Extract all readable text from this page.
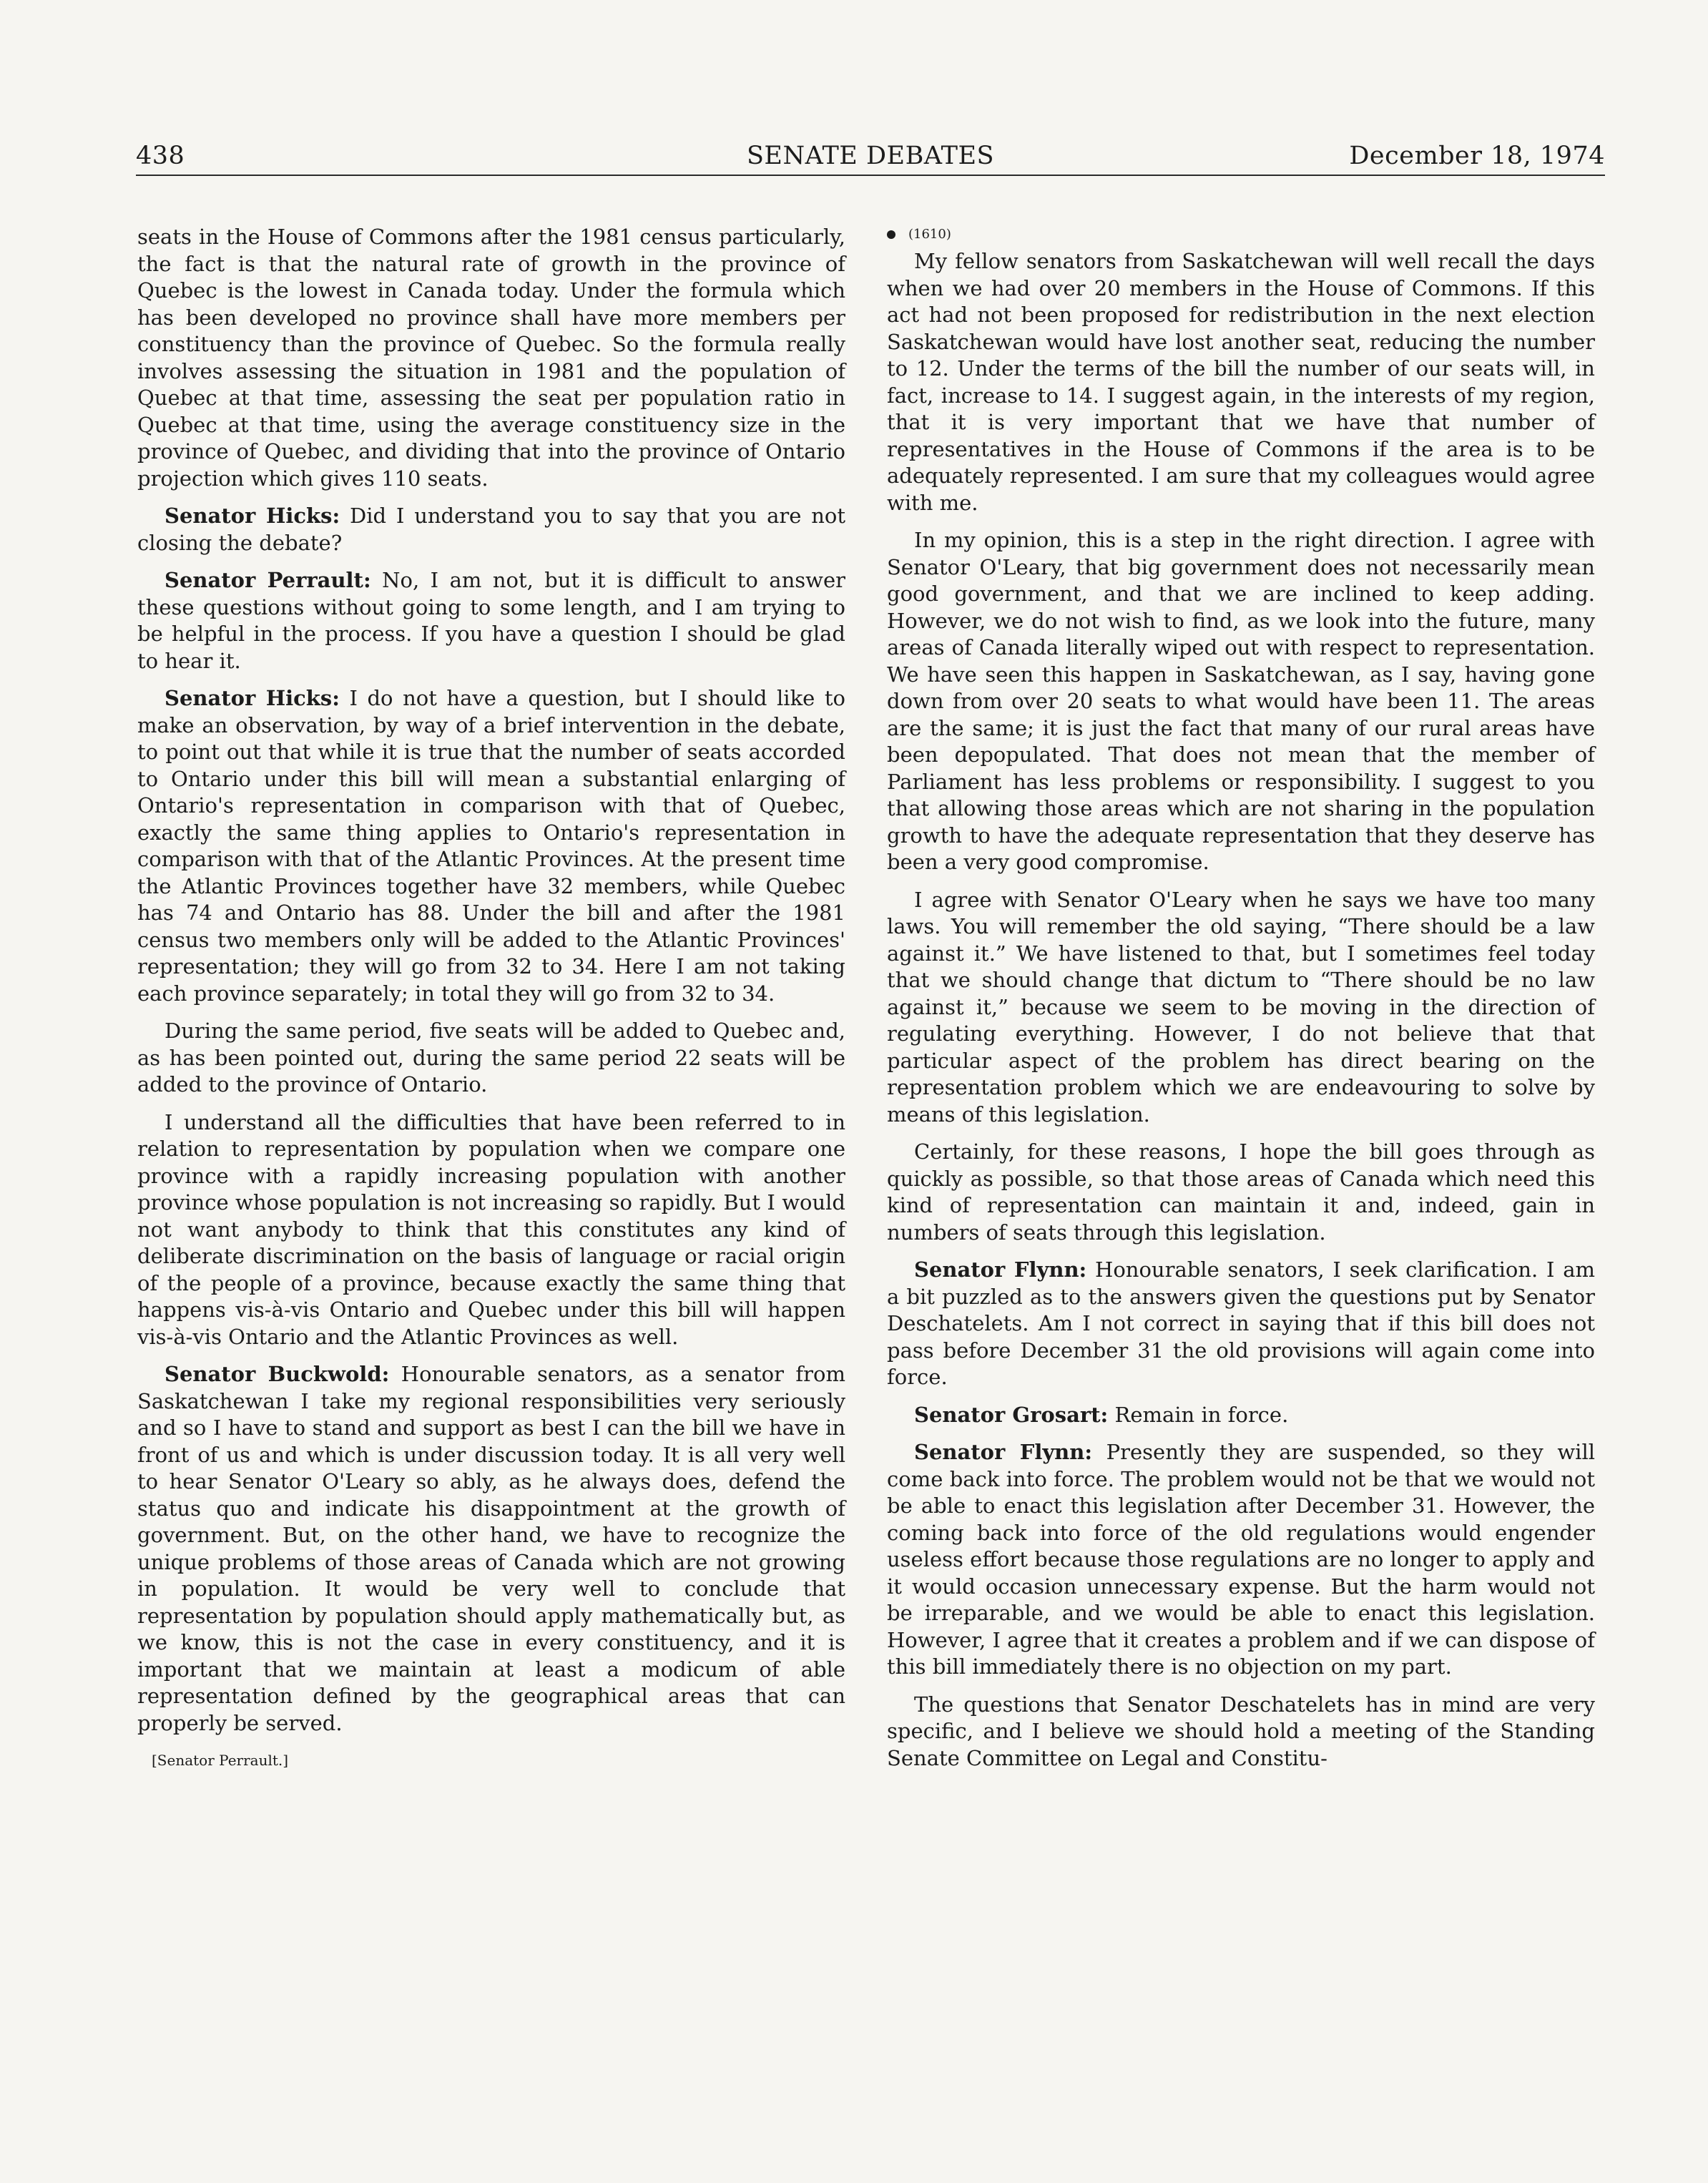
438	SENATE DEBATES	December 18, 1974

seats in the House of Commons after the 1981 census particularly, the fact is that the natural rate of growth in the province of Quebec is the lowest in Canada today. Under the formula which has been developed no province shall have more members per constituency than the province of Quebec. So the formula really involves assessing the situation in 1981 and the population of Quebec at that time, assessing the seat per population ratio in Quebec at that time, using the average constituency size in the province of Quebec, and dividing that into the province of Ontario projection which gives 110 seats.

Senator Hicks: Did I understand you to say that you are not closing the debate?

Senator Perrault: No, I am not, but it is difficult to answer these questions without going to some length, and I am trying to be helpful in the process. If you have a question I should be glad to hear it.

Senator Hicks: I do not have a question, but I should like to make an observation, by way of a brief intervention in the debate, to point out that while it is true that the number of seats accorded to Ontario under this bill will mean a substantial enlarging of Ontario's representation in comparison with that of Quebec, exactly the same thing applies to Ontario's representation in comparison with that of the Atlantic Provinces. At the present time the Atlantic Provinces together have 32 members, while Quebec has 74 and Ontario has 88. Under the bill and after the 1981 census two members only will be added to the Atlantic Provinces' representation; they will go from 32 to 34. Here I am not taking each province separately; in total they will go from 32 to 34.

During the same period, five seats will be added to Quebec and, as has been pointed out, during the same period 22 seats will be added to the province of Ontario.

I understand all the difficulties that have been referred to in relation to representation by population when we compare one province with a rapidly increasing population with another province whose population is not increasing so rapidly. But I would not want anybody to think that this constitutes any kind of deliberate discrimination on the basis of language or racial origin of the people of a province, because exactly the same thing that happens vis-à-vis Ontario and Quebec under this bill will happen vis-à-vis Ontario and the Atlantic Provinces as well.

Senator Buckwold: Honourable senators, as a senator from Saskatchewan I take my regional responsibilities very seriously and so I have to stand and support as best I can the bill we have in front of us and which is under discussion today. It is all very well to hear Senator O'Leary so ably, as he always does, defend the status quo and indicate his disappointment at the growth of government. But, on the other hand, we have to recognize the unique problems of those areas of Canada which are not growing in population. It would be very well to conclude that representation by population should apply mathematically but, as we know, this is not the case in every constituency, and it is important that we maintain at least a modicum of able representation defined by the geographical areas that can properly be served.

[Senator Perrault.]
(1610)

My fellow senators from Saskatchewan will well recall the days when we had over 20 members in the House of Commons. If this act had not been proposed for redistribution in the next election Saskatchewan would have lost another seat, reducing the number to 12. Under the terms of the bill the number of our seats will, in fact, increase to 14. I suggest again, in the interests of my region, that it is very important that we have that number of representatives in the House of Commons if the area is to be adequately represented. I am sure that my colleagues would agree with me.

In my opinion, this is a step in the right direction. I agree with Senator O'Leary, that big government does not necessarily mean good government, and that we are inclined to keep adding. However, we do not wish to find, as we look into the future, many areas of Canada literally wiped out with respect to representation. We have seen this happen in Saskatchewan, as I say, having gone down from over 20 seats to what would have been 11. The areas are the same; it is just the fact that many of our rural areas have been depopulated. That does not mean that the member of Parliament has less problems or responsibility. I suggest to you that allowing those areas which are not sharing in the population growth to have the adequate representation that they deserve has been a very good compromise.

I agree with Senator O'Leary when he says we have too many laws. You will remember the old saying, “There should be a law against it.” We have listened to that, but I sometimes feel today that we should change that dictum to “There should be no law against it,” because we seem to be moving in the direction of regulating everything. However, I do not believe that that particular aspect of the problem has direct bearing on the representation problem which we are endeavouring to solve by means of this legislation.

Certainly, for these reasons, I hope the bill goes through as quickly as possible, so that those areas of Canada which need this kind of representation can maintain it and, indeed, gain in numbers of seats through this legislation.

Senator Flynn: Honourable senators, I seek clarification. I am a bit puzzled as to the answers given the questions put by Senator Deschatelets. Am I not correct in saying that if this bill does not pass before December 31 the old provisions will again come into force.

Senator Grosart: Remain in force.

Senator Flynn: Presently they are suspended, so they will come back into force. The problem would not be that we would not be able to enact this legislation after December 31. However, the coming back into force of the old regulations would engender useless effort because those regulations are no longer to apply and it would occasion unnecessary expense. But the harm would not be irreparable, and we would be able to enact this legislation. However, I agree that it creates a problem and if we can dispose of this bill immediately there is no objection on my part.

The questions that Senator Deschatelets has in mind are very specific, and I believe we should hold a meeting of the Standing Senate Committee on Legal and Constitu-
